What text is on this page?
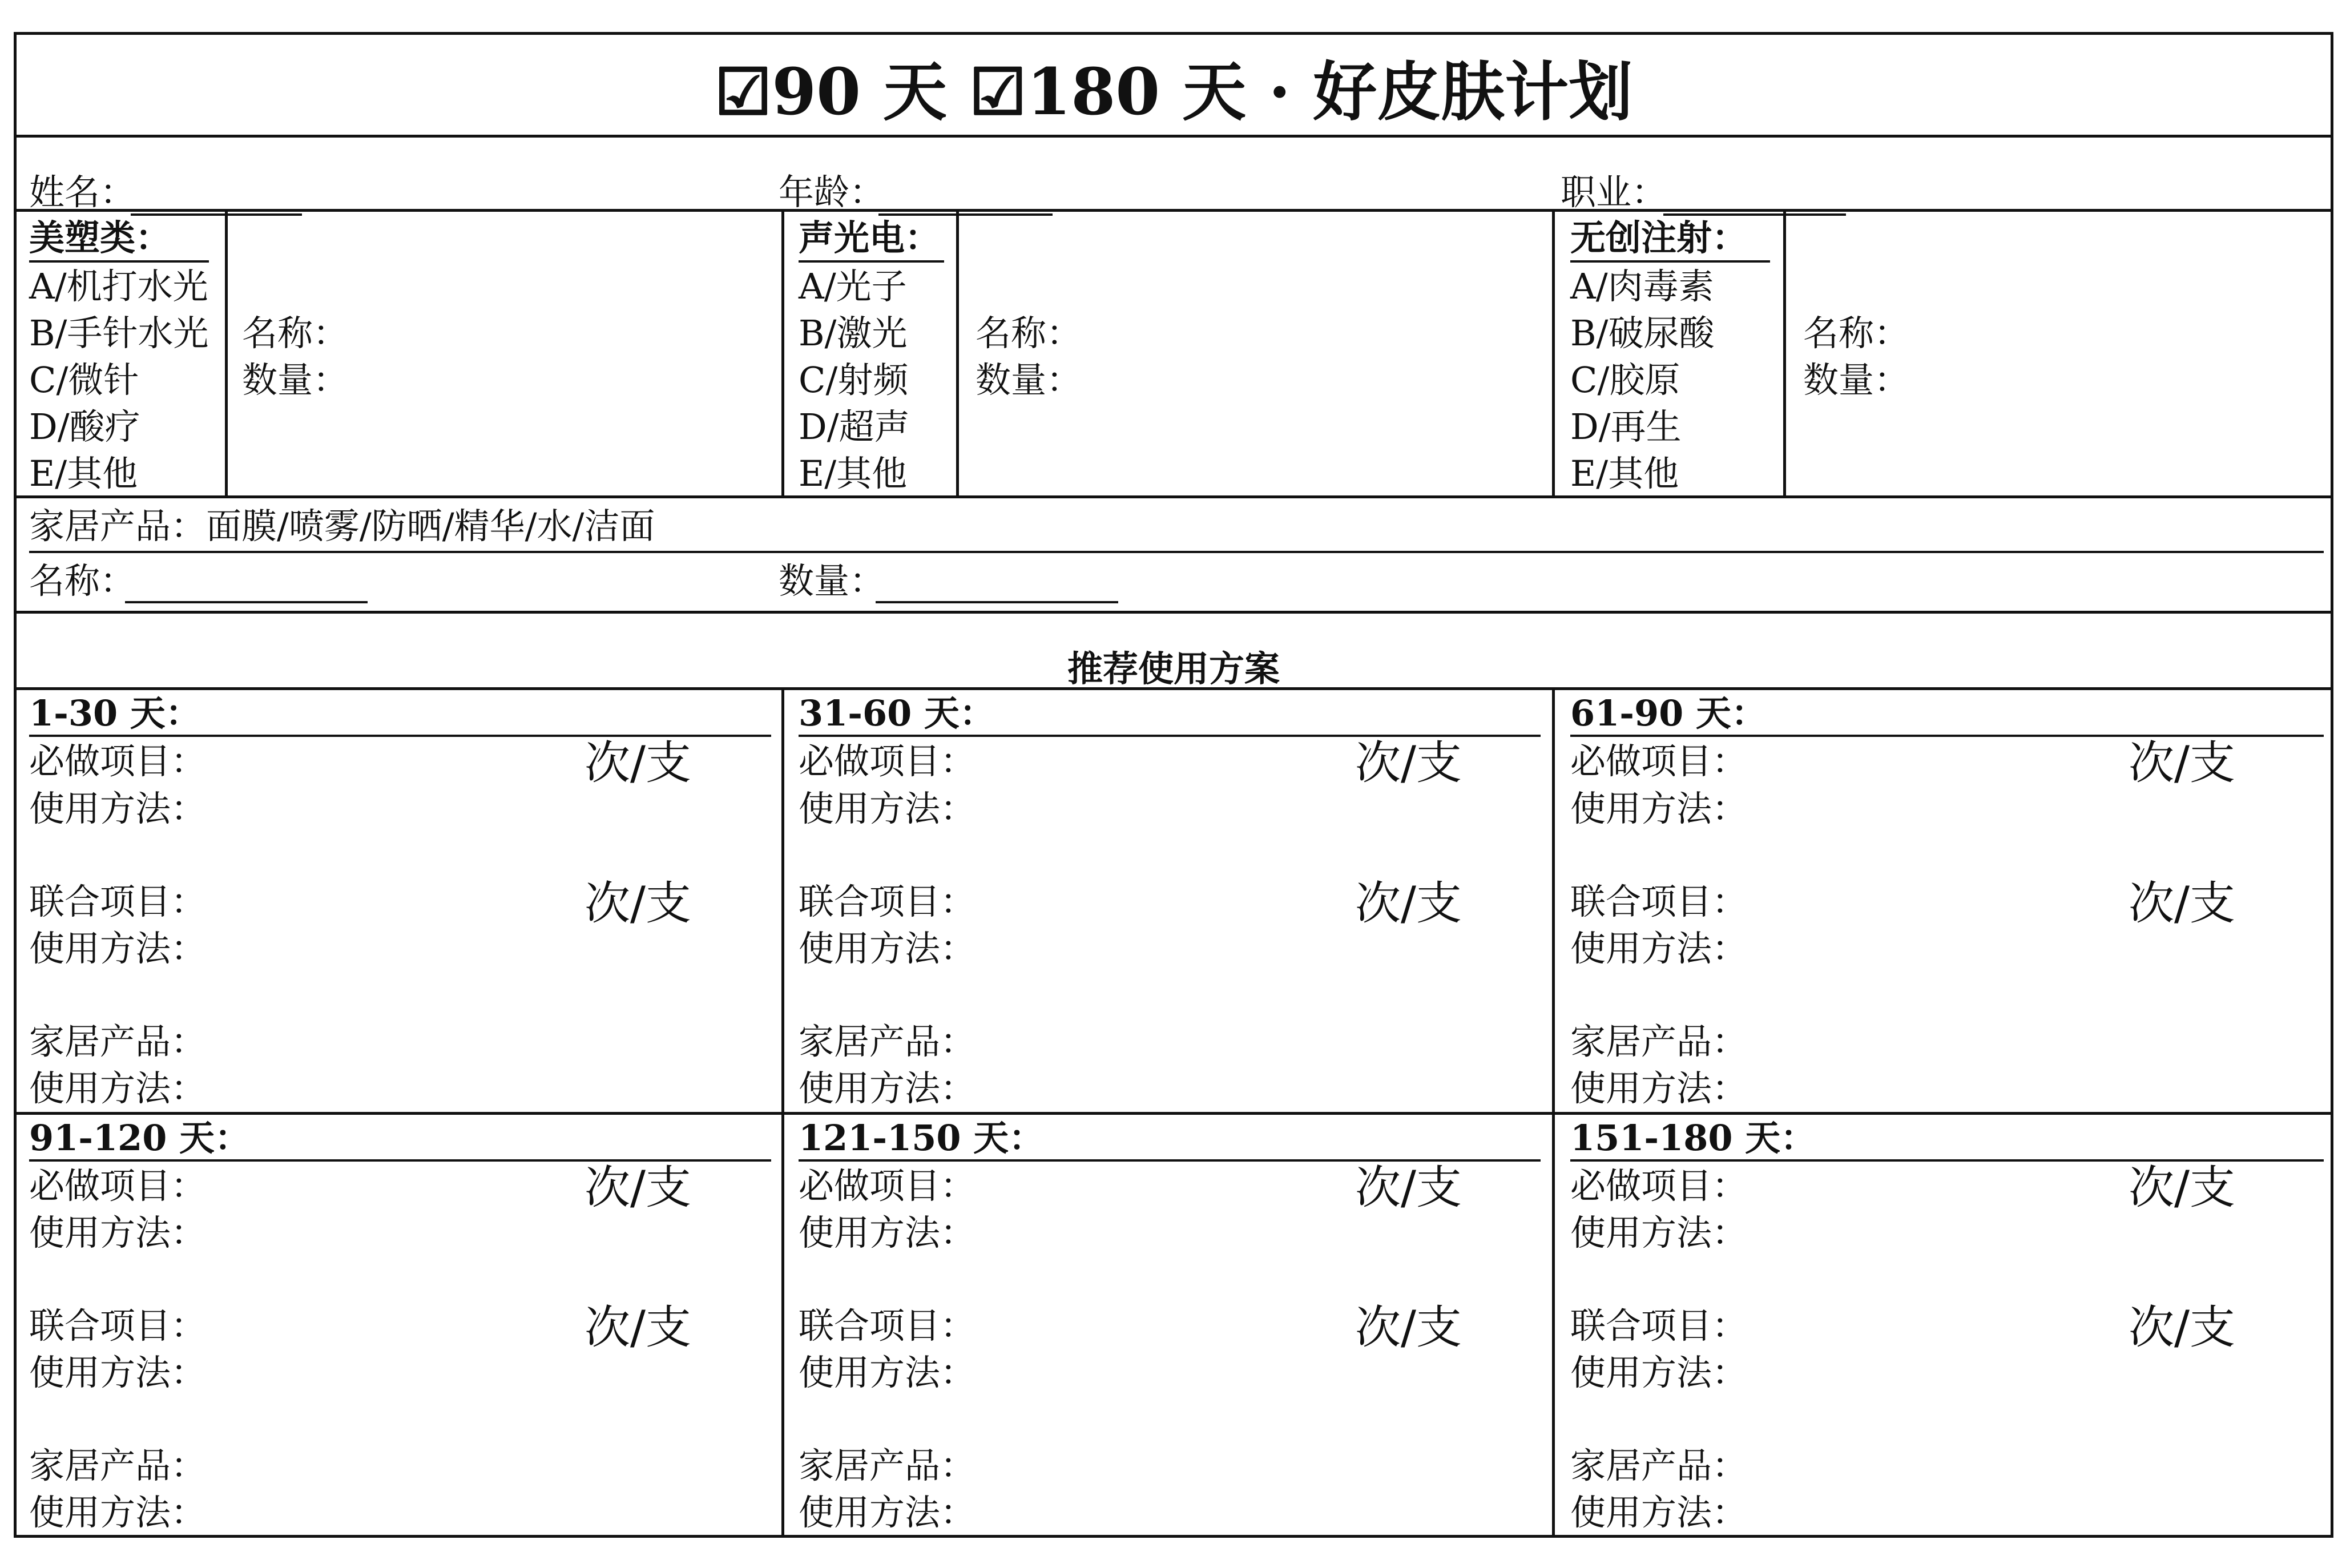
☑90 天 ☑180 天 · 好皮肤计划
姓名：	年龄：	职业：
美塑类：
A/机打水光
B/手针水光
C/微针
D/酸疗
E/其他
名称：
数量：
声光电：
A/光子
B/激光
C/射频
D/超声
E/其他
名称：
数量：
无创注射：
A/肉毒素
B/破尿酸
C/胶原
D/再生
E/其他
名称：
数量：
家居产品：面膜/喷雾/防晒/精华/水/洁面
名称：	数量：
推荐使用方案
1-30 天：
必做项目：	次/支
使用方法：
联合项目：	次/支
使用方法：
家居产品：
使用方法：
31-60 天：
必做项目：	次/支
使用方法：
联合项目：	次/支
使用方法：
家居产品：
使用方法：
61-90 天：
必做项目：	次/支
使用方法：
联合项目：	次/支
使用方法：
家居产品：
使用方法：
91-120 天：
必做项目：	次/支
使用方法：
联合项目：	次/支
使用方法：
家居产品：
使用方法：
121-150 天：
必做项目：	次/支
使用方法：
联合项目：	次/支
使用方法：
家居产品：
使用方法：
151-180 天：
必做项目：	次/支
使用方法：
联合项目：	次/支
使用方法：
家居产品：
使用方法：
